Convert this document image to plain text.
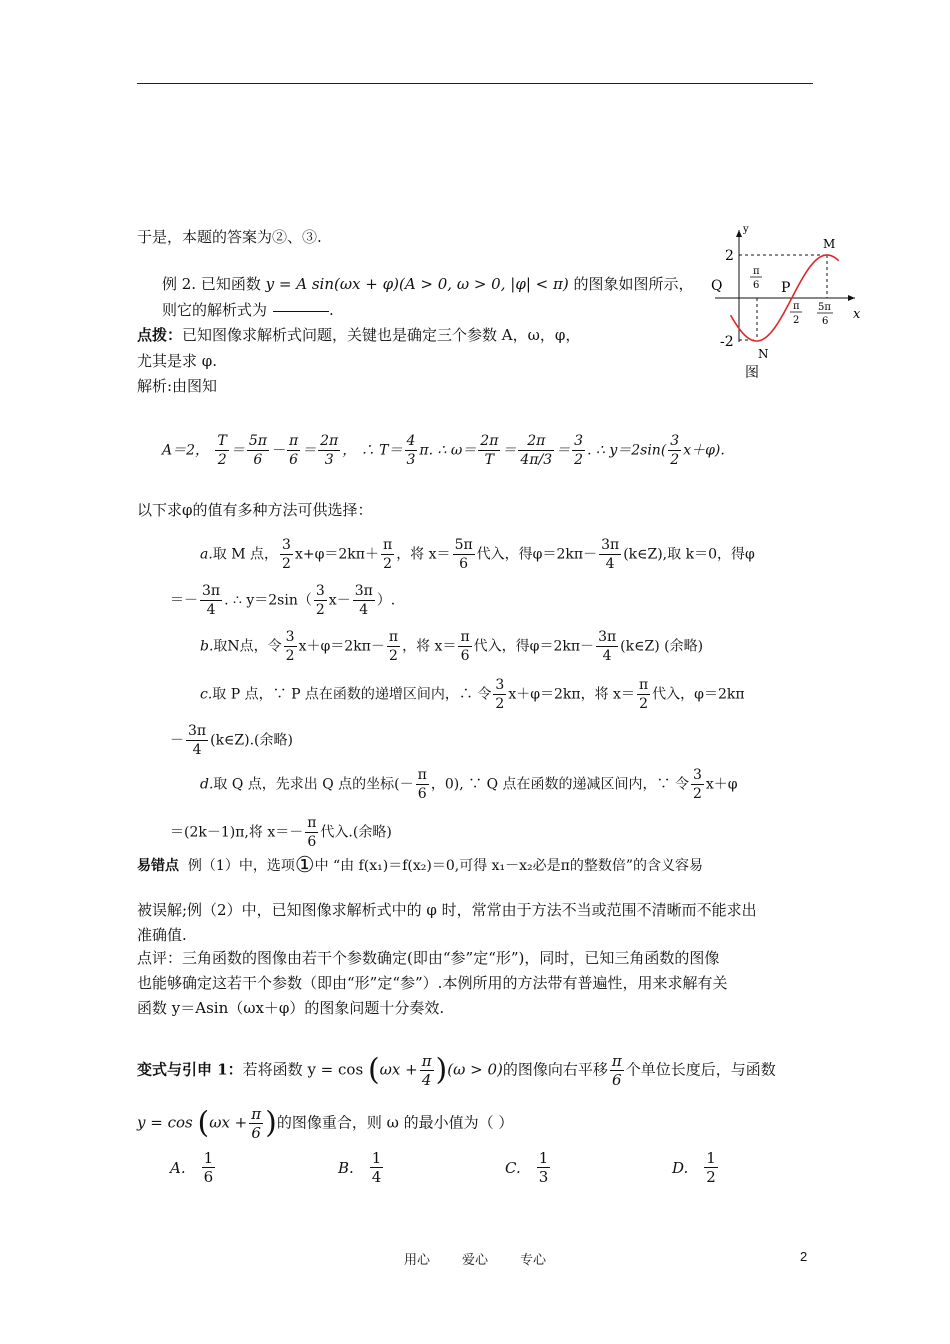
于是，本题的答案为②、③.
例 2. 已知函数 y = A sin(ωx + φ)(A > 0, ω > 0, |φ| < π) 的图象如图所示，
则它的解析式为	.
点拨：已知图像求解析式问题，关键也是确定三个参数 A，ω，φ，
尤其是求 φ.
解析:由图知
A＝2， $\frac{T}{2} = \frac{5\pi}{6} - \frac{\pi}{6} = \frac{2\pi}{3}$ ， ∴ $T= \frac{4}{3} \pi$. ∴ $\omega= \frac{2\pi}{T} = \frac{2\pi}{4\pi/3} = \frac{3}{2}$ . ∴ $y=2\sin( \frac{3}{2} x+\varphi)$.
以下求φ的值有多种方法可供选择：
a.取 M 点， $\frac{3}{2} x+\varphi=2k\pi+ \frac{\pi}{2}$ ，将 $x= \frac{5\pi}{6}$ 代入，得$\varphi=2k\pi- \frac{3\pi}{4}$ (k∈Z),取 k＝0，得φ
＝－ $\frac{3\pi}{4}$ . ∴ $y=2\sin( \frac{3}{2} x- \frac{3\pi}{4}$ ）.
b.取N点，令 $\frac{3}{2} x+\varphi=2k\pi- \frac{\pi}{2}$ ，将 $x= \frac{\pi}{6}$ 代入，得$\varphi=2k\pi- \frac{3\pi}{4}$ (k∈Z) (余略)
c.取 P 点，∵ P 点在函数的递增区间内，∴ 令 $\frac{3}{2} x+\varphi=2k\pi$，将 $x= \frac{\pi}{2}$ 代入，φ＝2kπ
－ $\frac{3\pi}{4}$ (k∈Z).(余略)
d.取 Q 点，先求出 Q 点的坐标(－ $\frac{\pi}{6}$ ，0), ∵ Q 点在函数的递减区间内，∵ 令 $\frac{3}{2} x+\varphi$
＝(2k－1)π,将 $x=- \frac{\pi}{6}$ 代入.(余略)
易错点 例（1）中，选项①中 “由 f(x₁)＝f(x₂)＝0,可得 x₁－x₂必是π的整数倍”的含义容易
被误解;例（2）中，已知图像求解析式中的 φ 时，常常由于方法不当或范围不清晰而不能求出
准确值.
点评：三角函数的图像由若干个参数确定(即由“参”定“形”)，同时，已知三角函数的图像
也能够确定这若干个参数（即由“形”定“参”）.本例所用的方法带有普遍性，用来求解有关
函数 y＝Asin（ωx＋φ）的图象问题十分奏效.
变式与引申 1：若将函数 $y = \cos (\omega x + \frac{\pi}{4} )(\omega > 0)$的图像向右平移 $\frac{\pi}{6}$ 个单位长度后，与函数
$y = \cos (\omega x + \frac{\pi}{6}$ )的图像重合，则 ω 的最小值为（ ）
A. $\frac{1}{6}$	B. $\frac{1}{4}$	C. $\frac{1}{3}$	D. $\frac{1}{2}$
y
x
2
-2
Q	P
M
N
π
6
π
2
5π
6
图
用心 爱心 专心	2
